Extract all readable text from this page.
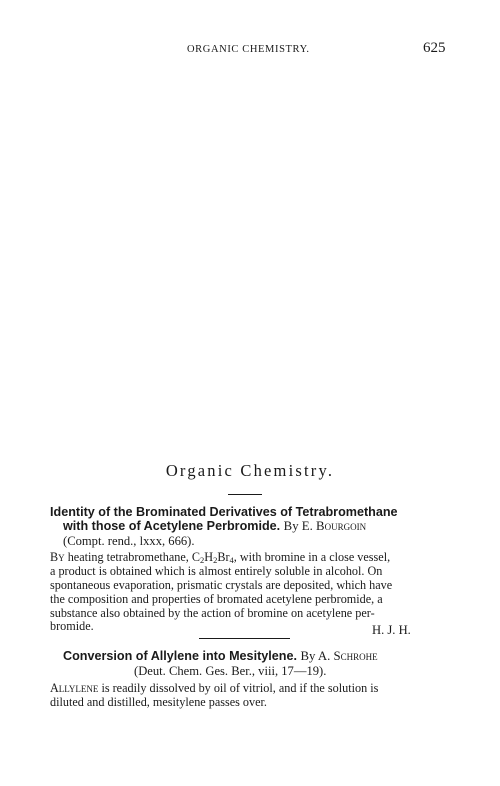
ORGANIC CHEMISTRY.	625
Organic Chemistry.
Identity of the Brominated Derivatives of Tetrabromethane
with those of Acetylene Perbromide. By E. Bourgoin
(Compt. rend., lxxx, 666).
By heating tetrabromethane, $C_2H_2Br_4$, with bromine in a close vessel,
a product is obtained which is almost entirely soluble in alcohol. On
spontaneous evaporation, prismatic crystals are deposited, which have
the composition and properties of bromated acetylene perbromide, a
substance also obtained by the action of bromine on acetylene per-
bromide.	H. J. H.
Conversion of Allylene into Mesitylene. By A. Schrohe
(Deut. Chem. Ges. Ber., viii, 17—19).
Allylene is readily dissolved by oil of vitriol, and if the solution is
diluted and distilled, mesitylene passes over.
